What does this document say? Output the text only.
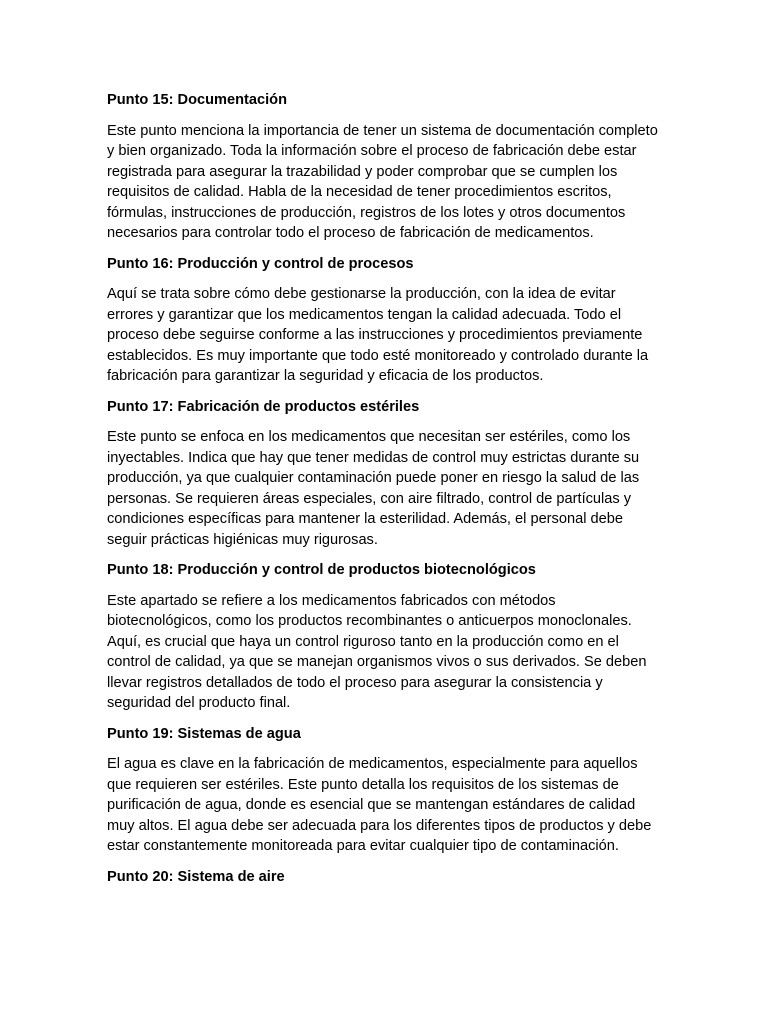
Punto 15: Documentación

Este punto menciona la importancia de tener un sistema de documentación completo y bien organizado. Toda la información sobre el proceso de fabricación debe estar registrada para asegurar la trazabilidad y poder comprobar que se cumplen los requisitos de calidad. Habla de la necesidad de tener procedimientos escritos, fórmulas, instrucciones de producción, registros de los lotes y otros documentos necesarios para controlar todo el proceso de fabricación de medicamentos.

Punto 16: Producción y control de procesos

Aquí se trata sobre cómo debe gestionarse la producción, con la idea de evitar errores y garantizar que los medicamentos tengan la calidad adecuada. Todo el proceso debe seguirse conforme a las instrucciones y procedimientos previamente establecidos. Es muy importante que todo esté monitoreado y controlado durante la fabricación para garantizar la seguridad y eficacia de los productos.

Punto 17: Fabricación de productos estériles

Este punto se enfoca en los medicamentos que necesitan ser estériles, como los inyectables. Indica que hay que tener medidas de control muy estrictas durante su producción, ya que cualquier contaminación puede poner en riesgo la salud de las personas. Se requieren áreas especiales, con aire filtrado, control de partículas y condiciones específicas para mantener la esterilidad. Además, el personal debe seguir prácticas higiénicas muy rigurosas.

Punto 18: Producción y control de productos biotecnológicos

Este apartado se refiere a los medicamentos fabricados con métodos biotecnológicos, como los productos recombinantes o anticuerpos monoclonales. Aquí, es crucial que haya un control riguroso tanto en la producción como en el control de calidad, ya que se manejan organismos vivos o sus derivados. Se deben llevar registros detallados de todo el proceso para asegurar la consistencia y seguridad del producto final.

Punto 19: Sistemas de agua

El agua es clave en la fabricación de medicamentos, especialmente para aquellos que requieren ser estériles. Este punto detalla los requisitos de los sistemas de purificación de agua, donde es esencial que se mantengan estándares de calidad muy altos. El agua debe ser adecuada para los diferentes tipos de productos y debe estar constantemente monitoreada para evitar cualquier tipo de contaminación.

Punto 20: Sistema de aire
